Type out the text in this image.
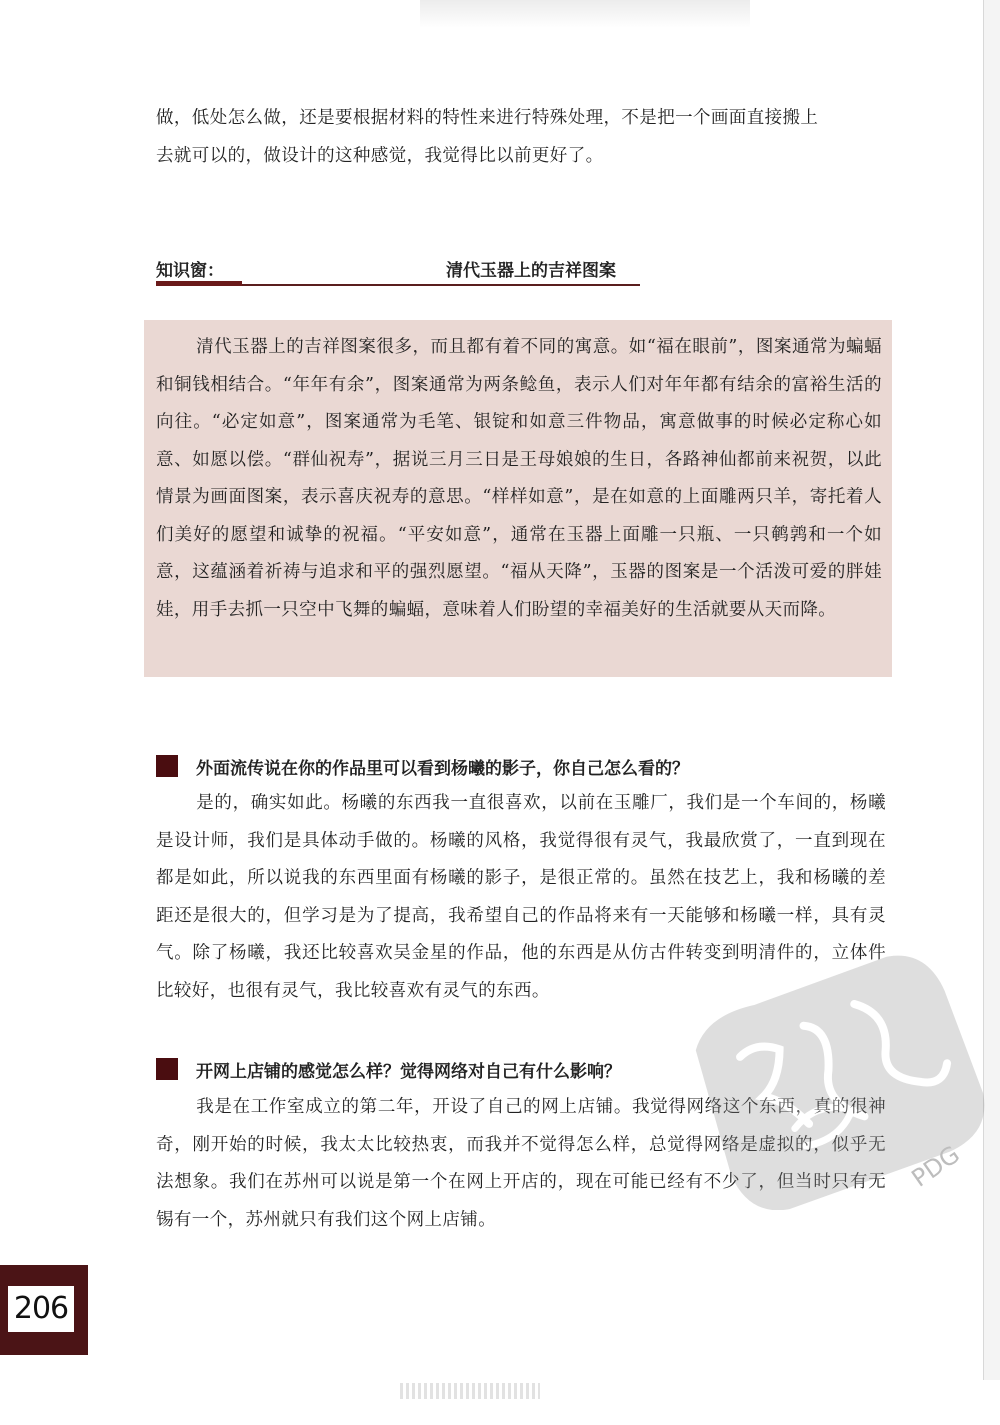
做，低处怎么做，还是要根据材料的特性来进行特殊处理，不是把一个画面直接搬上
去就可以的，做设计的这种感觉，我觉得比以前更好了。

知识窗：	清代玉器上的吉祥图案

清代玉器上的吉祥图案很多，而且都有着不同的寓意。如“福在眼前”，图案通常为蝙蝠和铜钱相结合。“年年有余”，图案通常为两条鲶鱼，表示人们对年年都有结余的富裕生活的向往。“必定如意”，图案通常为毛笔、银锭和如意三件物品，寓意做事的时候必定称心如意、如愿以偿。“群仙祝寿”，据说三月三日是王母娘娘的生日，各路神仙都前来祝贺，以此情景为画面图案，表示喜庆祝寿的意思。“样样如意”，是在如意的上面雕两只羊，寄托着人们美好的愿望和诚挚的祝福。“平安如意”，通常在玉器上面雕一只瓶、一只鹌鹑和一个如意，这蕴涵着祈祷与追求和平的强烈愿望。“福从天降”，玉器的图案是一个活泼可爱的胖娃娃，用手去抓一只空中飞舞的蝙蝠，意味着人们盼望的幸福美好的生活就要从天而降。

外面流传说在你的作品里可以看到杨曦的影子，你自己怎么看的？

是的，确实如此。杨曦的东西我一直很喜欢，以前在玉雕厂，我们是一个车间的，杨曦是设计师，我们是具体动手做的。杨曦的风格，我觉得很有灵气，我最欣赏了，一直到现在都是如此，所以说我的东西里面有杨曦的影子，是很正常的。虽然在技艺上，我和杨曦的差距还是很大的，但学习是为了提高，我希望自己的作品将来有一天能够和杨曦一样，具有灵气。除了杨曦，我还比较喜欢吴金星的作品，他的东西是从仿古件转变到明清件的，立体件比较好，也很有灵气，我比较喜欢有灵气的东西。

开网上店铺的感觉怎么样？觉得网络对自己有什么影响？

我是在工作室成立的第二年，开设了自己的网上店铺。我觉得网络这个东西，真的很神奇，刚开始的时候，我太太比较热衷，而我并不觉得怎么样，总觉得网络是虚拟的，似乎无法想象。我们在苏州可以说是第一个在网上开店的，现在可能已经有不少了，但当时只有无锡有一个，苏州就只有我们这个网上店铺。

PDG
206
